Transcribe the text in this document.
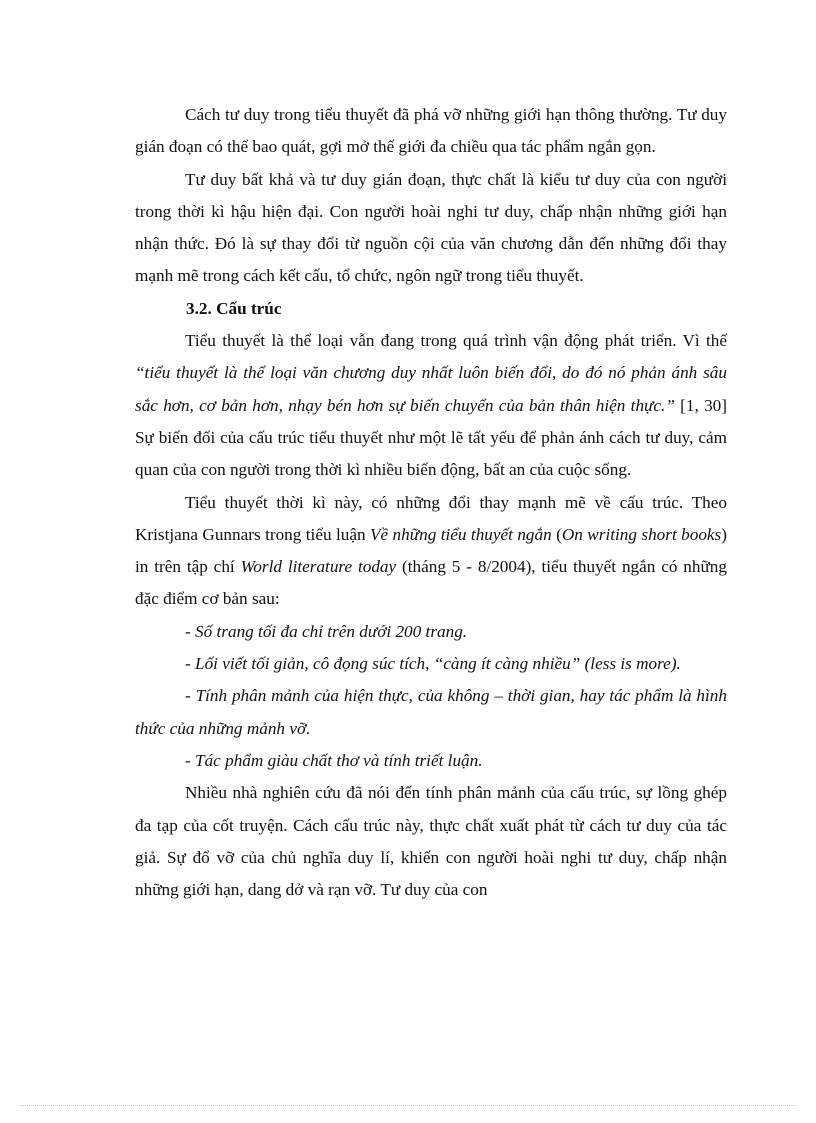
Cách tư duy trong tiểu thuyết đã phá vỡ những giới hạn thông thường. Tư duy gián đoạn có thể bao quát, gợi mở thế giới đa chiều qua tác phẩm ngắn gọn.

Tư duy bất khả và tư duy gián đoạn, thực chất là kiểu tư duy của con người trong thời kì hậu hiện đại. Con người hoài nghi tư duy, chấp nhận những giới hạn nhận thức. Đó là sự thay đổi từ nguồn cội của văn chương dẫn đến những đổi thay mạnh mẽ trong cách kết cấu, tổ chức, ngôn ngữ trong tiểu thuyết.

3.2. Cấu trúc

Tiểu thuyết là thể loại vẫn đang trong quá trình vận động phát triển. Vì thế “tiểu thuyết là thể loại văn chương duy nhất luôn biến đổi, do đó nó phản ánh sâu sắc hơn, cơ bản hơn, nhạy bén hơn sự biến chuyển của bản thân hiện thực.” [1, 30] Sự biến đổi của cấu trúc tiểu thuyết như một lẽ tất yếu để phản ánh cách tư duy, cảm quan của con người trong thời kì nhiều biến động, bất an của cuộc sống.

Tiểu thuyết thời kì này, có những đổi thay mạnh mẽ về cấu trúc. Theo Kristjana Gunnars trong tiểu luận Về những tiểu thuyết ngắn (On writing short books) in trên tập chí World literature today (tháng 5 - 8/2004), tiểu thuyết ngắn có những đặc điểm cơ bản sau:

- Số trang tối đa chỉ trên dưới 200 trang.

- Lối viết tối giản, cô đọng súc tích, “càng ít càng nhiều” (less is more).

- Tính phân mảnh của hiện thực, của không – thời gian, hay tác phẩm là hình thức của những mảnh vỡ.

- Tác phẩm giàu chất thơ và tính triết luận.

Nhiều nhà nghiên cứu đã nói đến tính phân mảnh của cấu trúc, sự lồng ghép đa tạp của cốt truyện. Cách cấu trúc này, thực chất xuất phát từ cách tư duy của tác giả. Sự đổ vỡ của chủ nghĩa duy lí, khiến con người hoài nghi tư duy, chấp nhận những giới hạn, dang dở và rạn vỡ. Tư duy của con
